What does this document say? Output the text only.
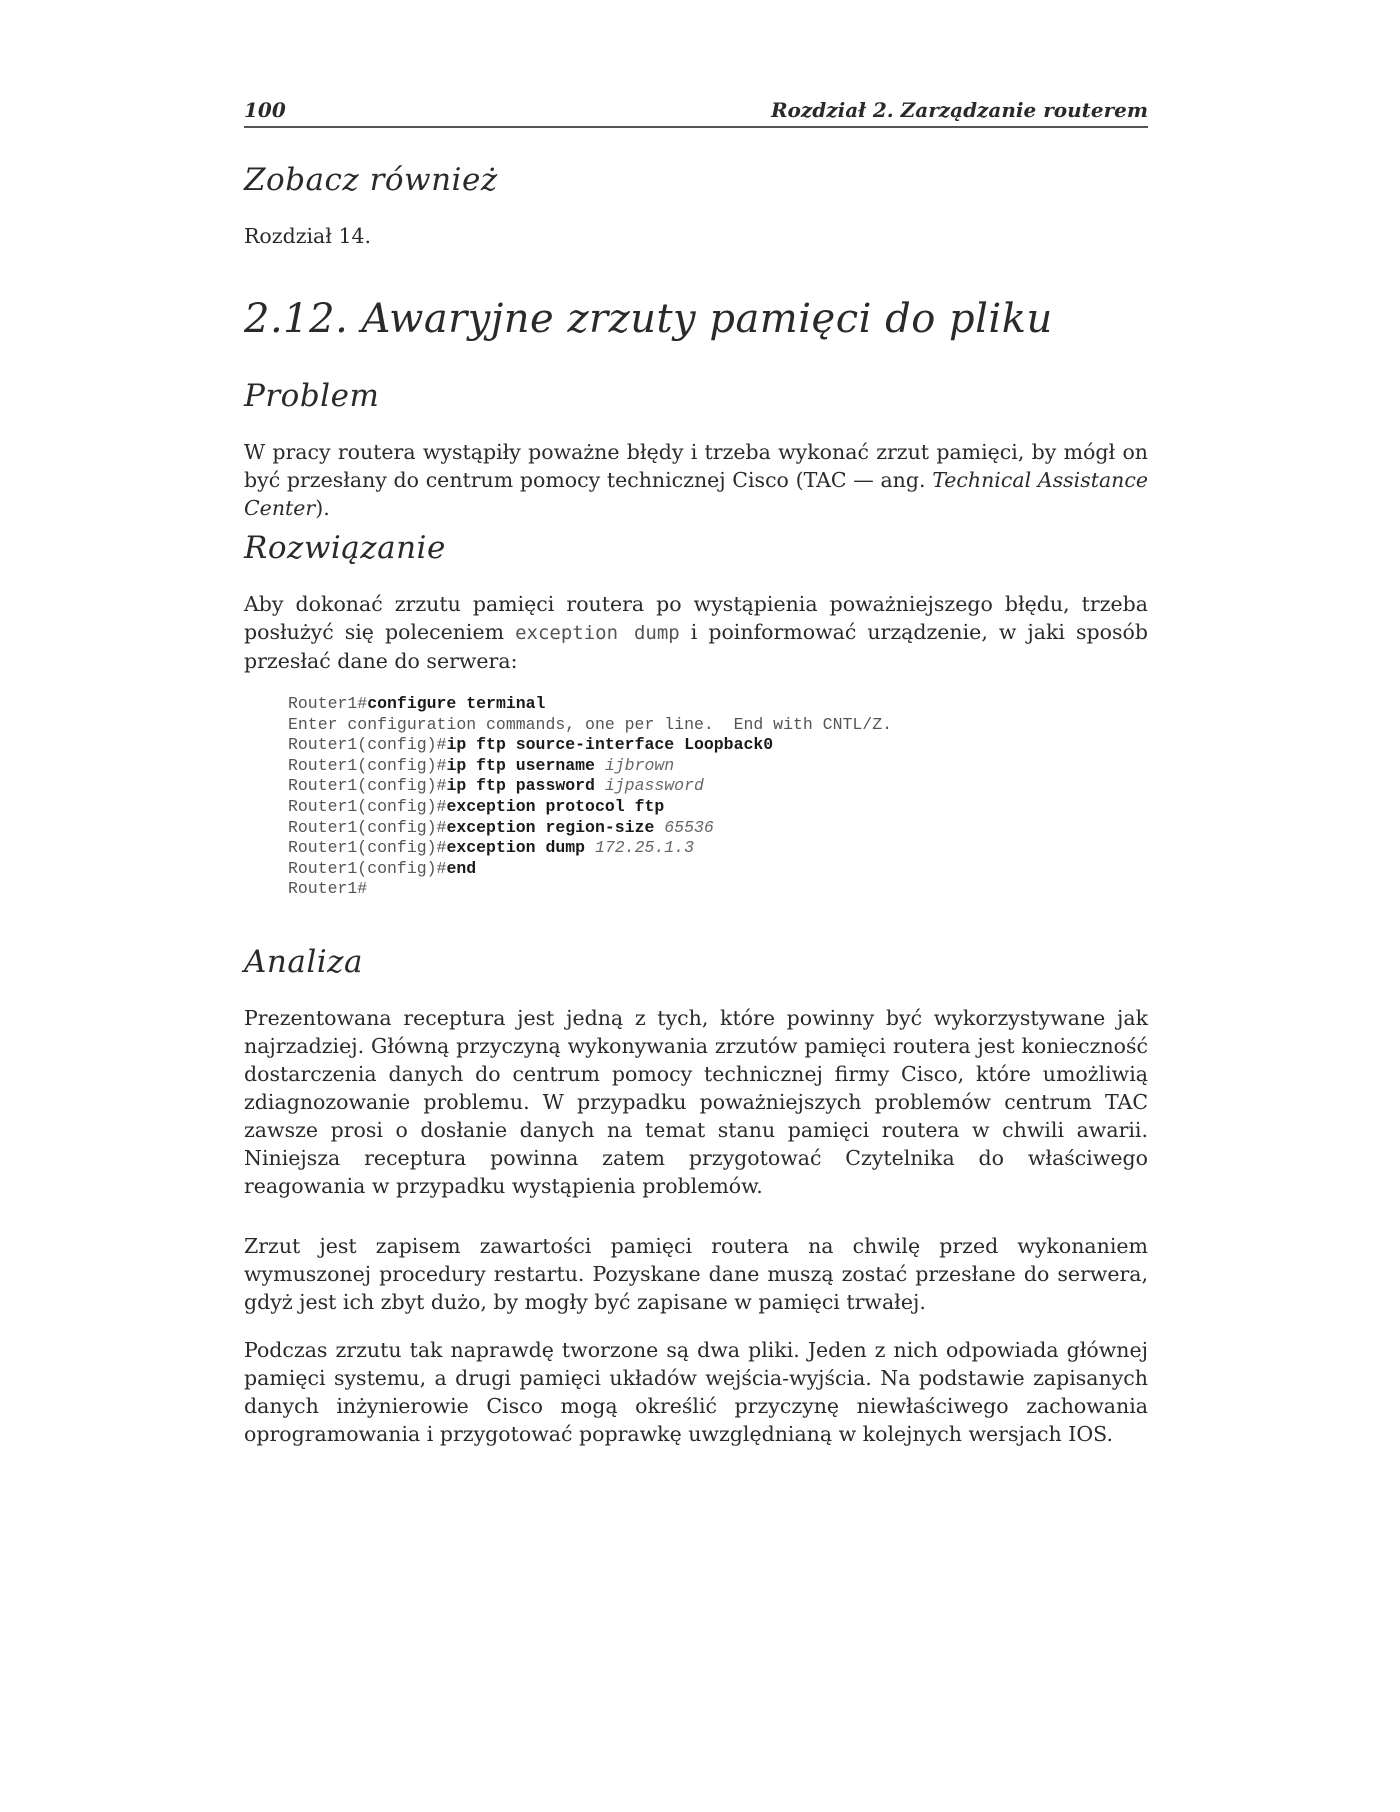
100	Rozdział 2. Zarządzanie routerem
Zobacz również

Rozdział 14.

2.12. Awaryjne zrzuty pamięci do pliku
Problem

W pracy routera wystąpiły poważne błędy i trzeba wykonać zrzut pamięci, by mógł on być przesłany do centrum pomocy technicznej Cisco (TAC — ang. Technical Assistance Center).

Rozwiązanie

Aby dokonać zrzutu pamięci routera po wystąpienia poważniejszego błędu, trzeba posłużyć się poleceniem exception dump i poinformować urządzenie, w jaki sposób przesłać dane do serwera:

Router1#configure terminal
Enter configuration commands, one per line.  End with CNTL/Z.
Router1(config)#ip ftp source-interface Loopback0
Router1(config)#ip ftp username ijbrown
Router1(config)#ip ftp password ijpassword
Router1(config)#exception protocol ftp
Router1(config)#exception region-size 65536
Router1(config)#exception dump 172.25.1.3
Router1(config)#end
Router1#
Analiza

Prezentowana receptura jest jedną z tych, które powinny być wykorzystywane jak najrzadziej. Główną przyczyną wykonywania zrzutów pamięci routera jest konieczność dostarczenia danych do centrum pomocy technicznej firmy Cisco, które umożliwią zdiagnozowanie problemu. W przypadku poważniejszych problemów centrum TAC zawsze prosi o dosłanie danych na temat stanu pamięci routera w chwili awarii. Niniejsza receptura powinna zatem przygotować Czytelnika do właściwego reagowania w przypadku wystąpienia problemów.

Zrzut jest zapisem zawartości pamięci routera na chwilę przed wykonaniem wymuszonej procedury restartu. Pozyskane dane muszą zostać przesłane do serwera, gdyż jest ich zbyt dużo, by mogły być zapisane w pamięci trwałej.

Podczas zrzutu tak naprawdę tworzone są dwa pliki. Jeden z nich odpowiada głównej pamięci systemu, a drugi pamięci układów wejścia-wyjścia. Na podstawie zapisanych danych inżynierowie Cisco mogą określić przyczynę niewłaściwego zachowania oprogramowania i przygotować poprawkę uwzględnianą w kolejnych wersjach IOS.
